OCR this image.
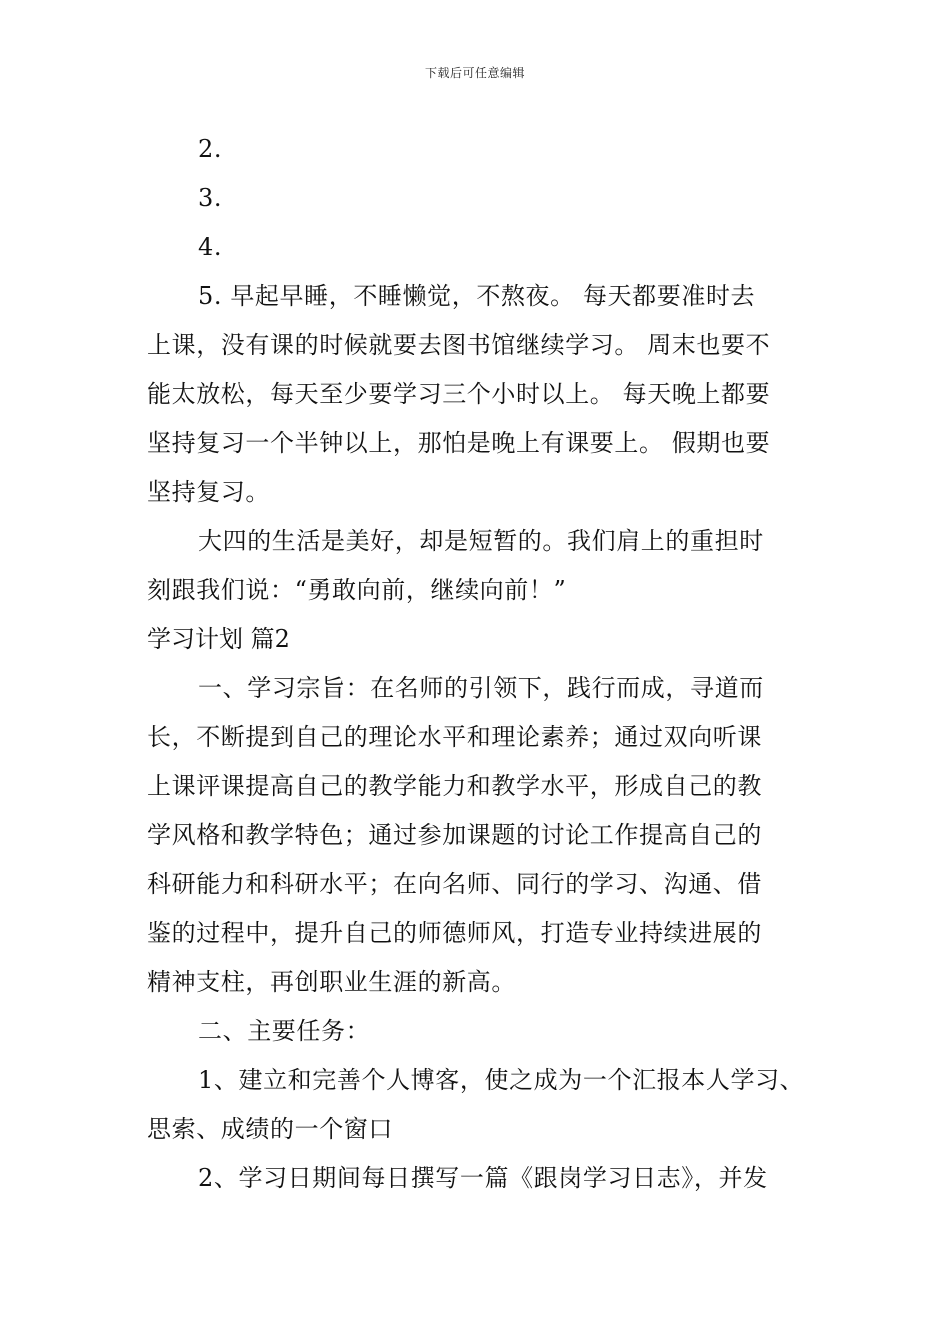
下载后可任意编辑
2.
3.
4.
5. 早起早睡，不睡懒觉，不熬夜。 每天都要准时去
上课，没有课的时候就要去图书馆继续学习。 周末也要不
能太放松，每天至少要学习三个小时以上。 每天晚上都要
坚持复习一个半钟以上，那怕是晚上有课要上。 假期也要
坚持复习。
大四的生活是美好，却是短暂的。我们肩上的重担时
刻跟我们说：“勇敢向前，继续向前！”
学习计划 篇2
一、学习宗旨：在名师的引领下，践行而成，寻道而
长，不断提到自己的理论水平和理论素养；通过双向听课
上课评课提高自己的教学能力和教学水平，形成自己的教
学风格和教学特色；通过参加课题的讨论工作提高自己的
科研能力和科研水平；在向名师、同行的学习、沟通、借
鉴的过程中，提升自己的师德师风，打造专业持续进展的
精神支柱，再创职业生涯的新高。
二、主要任务：
1、建立和完善个人博客，使之成为一个汇报本人学习、
思索、成绩的一个窗口
2、学习日期间每日撰写一篇《跟岗学习日志》，并发
